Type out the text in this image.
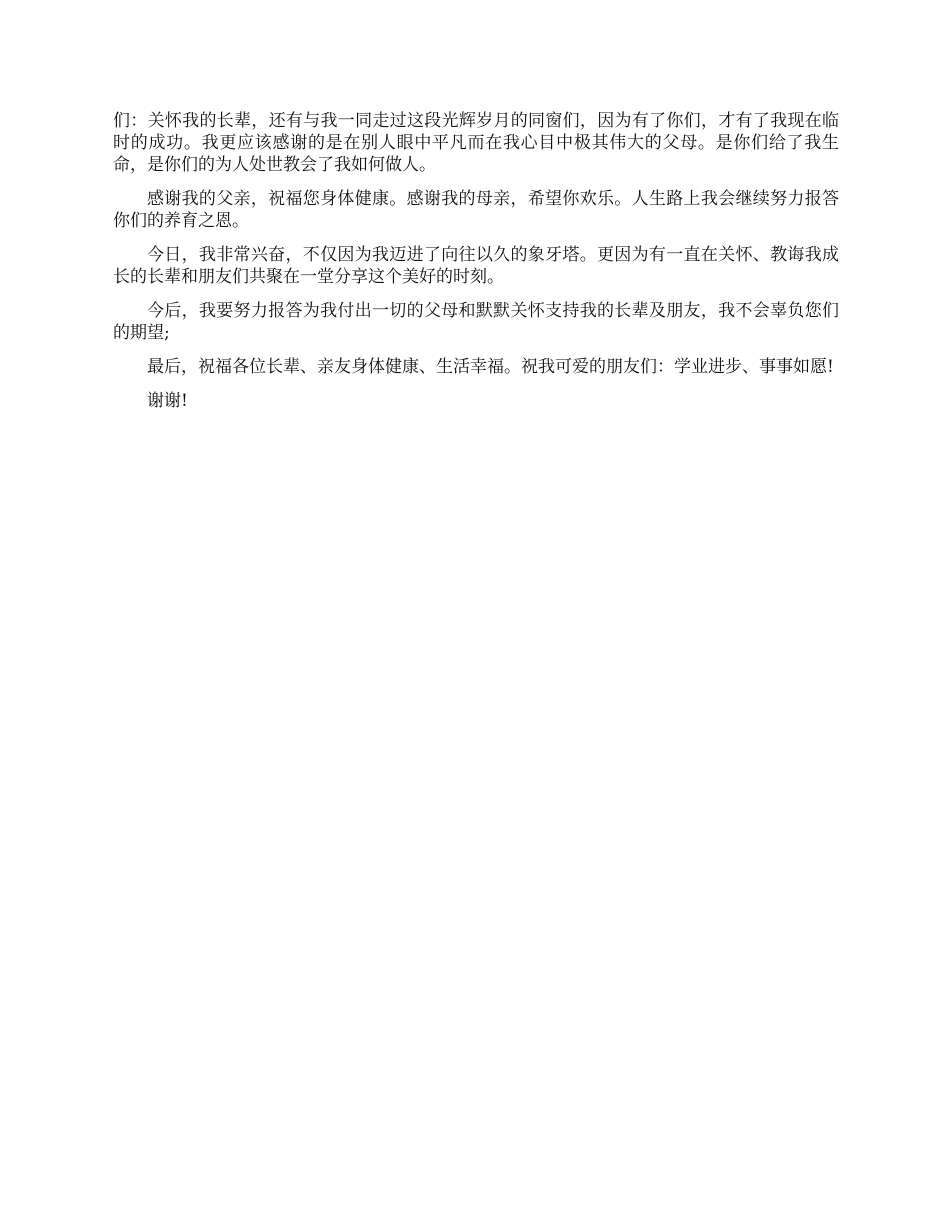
们：关怀我的长辈，还有与我一同走过这段光辉岁月的同窗们，因为有了你们，才有了我现在临时的成功。我更应该感谢的是在别人眼中平凡而在我心目中极其伟大的父母。是你们给了我生命，是你们的为人处世教会了我如何做人。

感谢我的父亲，祝福您身体健康。感谢我的母亲，希望你欢乐。人生路上我会继续努力报答你们的养育之恩。

今日，我非常兴奋，不仅因为我迈进了向往以久的象牙塔。更因为有一直在关怀、教诲我成长的长辈和朋友们共聚在一堂分享这个美好的时刻。

今后，我要努力报答为我付出一切的父母和默默关怀支持我的长辈及朋友，我不会辜负您们的期望;

最后，祝福各位长辈、亲友身体健康、生活幸福。祝我可爱的朋友们：学业进步、事事如愿!

谢谢!
